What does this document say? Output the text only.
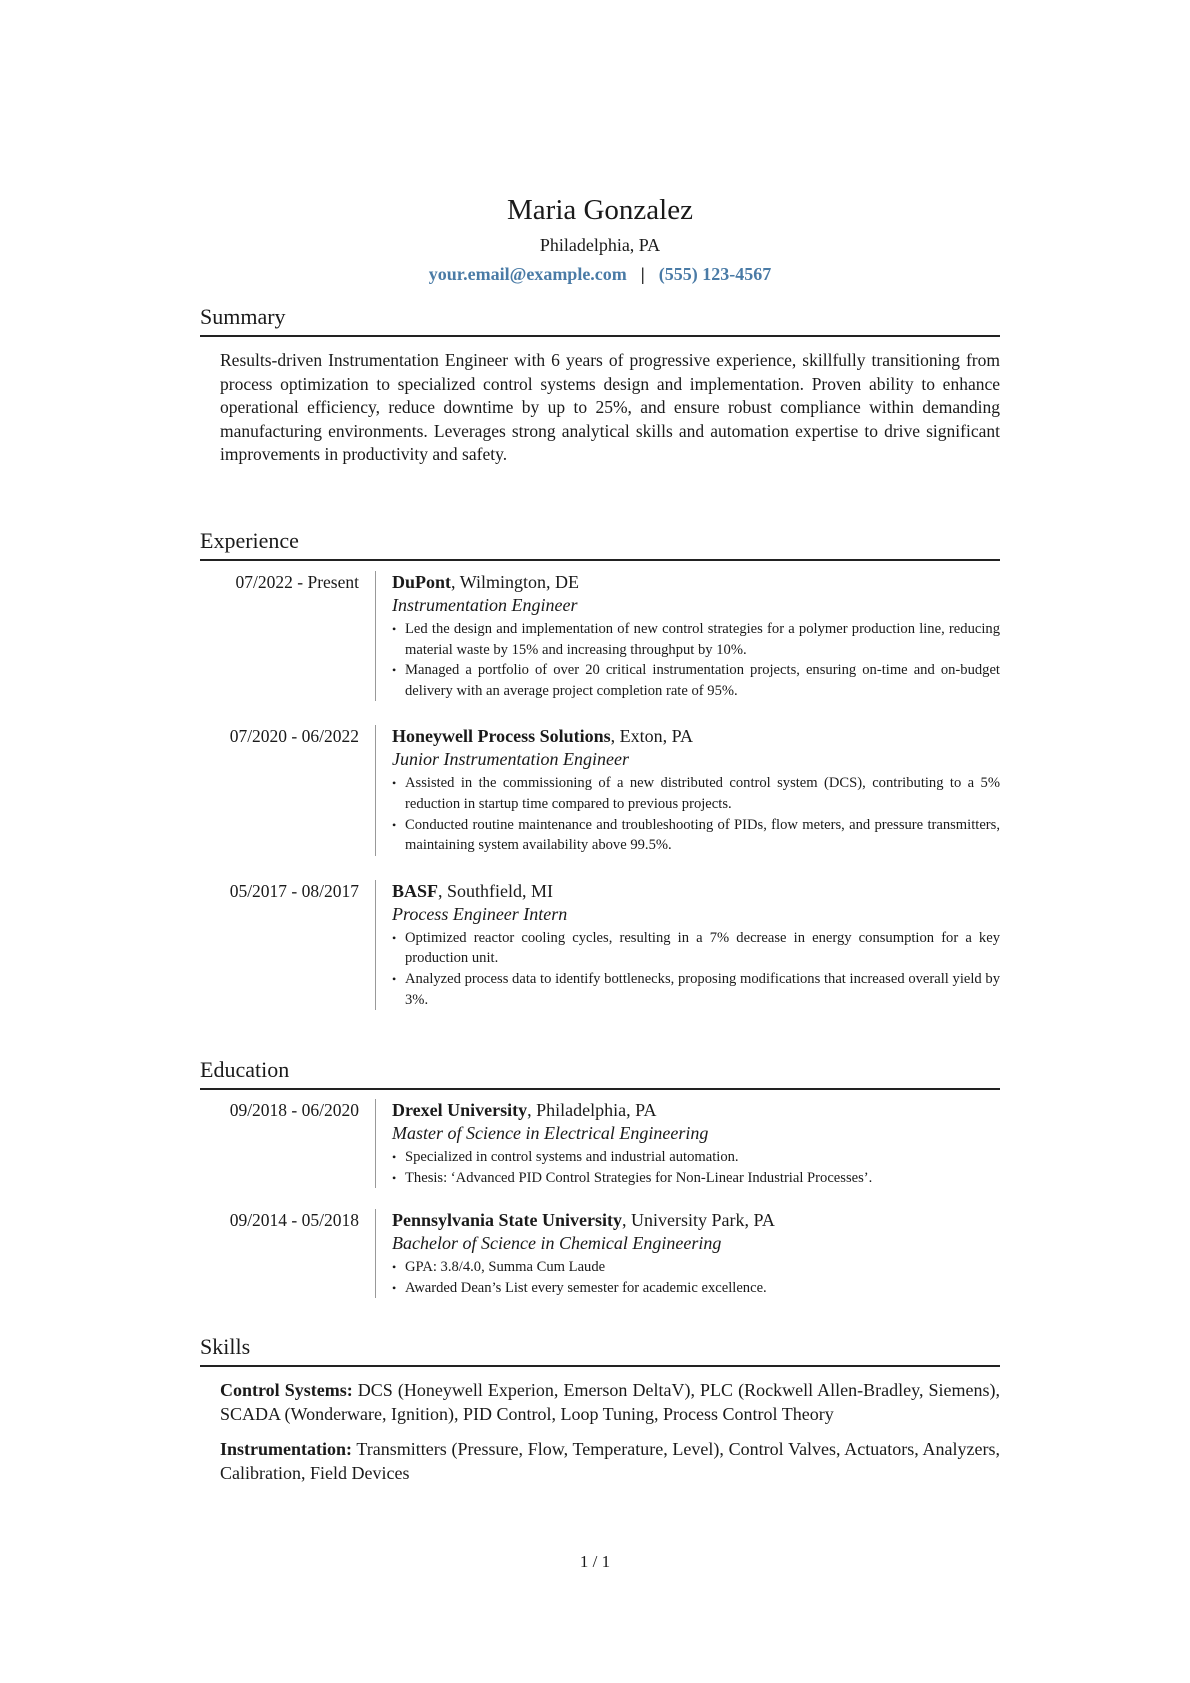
Maria Gonzalez
Philadelphia, PA
your.email@example.com | (555) 123-4567
Summary

Results-driven Instrumentation Engineer with 6 years of progressive experience, skillfully transitioning from process optimization to specialized control systems design and implementation. Proven ability to enhance operational efficiency, reduce downtime by up to 25%, and ensure robust compliance within demanding manufacturing environments. Leverages strong analytical skills and automation expertise to drive significant improvements in productivity and safety.

Experience
07/2022 - Present	DuPont, Wilmington, DE
Instrumentation Engineer
• Led the design and implementation of new control strategies for a polymer production line, reducing material waste by 15% and increasing throughput by 10%.
• Managed a portfolio of over 20 critical instrumentation projects, ensuring on-time and on-budget delivery with an average project completion rate of 95%.
07/2020 - 06/2022	Honeywell Process Solutions, Exton, PA
Junior Instrumentation Engineer
• Assisted in the commissioning of a new distributed control system (DCS), contributing to a 5% reduction in startup time compared to previous projects.
• Conducted routine maintenance and troubleshooting of PIDs, flow meters, and pressure transmitters, maintaining system availability above 99.5%.
05/2017 - 08/2017	BASF, Southfield, MI
Process Engineer Intern
• Optimized reactor cooling cycles, resulting in a 7% decrease in energy consumption for a key production unit.
• Analyzed process data to identify bottlenecks, proposing modifications that increased overall yield by 3%.
Education
09/2018 - 06/2020	Drexel University, Philadelphia, PA
Master of Science in Electrical Engineering
• Specialized in control systems and industrial automation.
• Thesis: ‘Advanced PID Control Strategies for Non-Linear Industrial Processes’.
09/2014 - 05/2018	Pennsylvania State University, University Park, PA
Bachelor of Science in Chemical Engineering
• GPA: 3.8/4.0, Summa Cum Laude
• Awarded Dean’s List every semester for academic excellence.
Skills

Control Systems: DCS (Honeywell Experion, Emerson DeltaV), PLC (Rockwell Allen-Bradley, Siemens), SCADA (Wonderware, Ignition), PID Control, Loop Tuning, Process Control Theory

Instrumentation: Transmitters (Pressure, Flow, Temperature, Level), Control Valves, Actuators, Analyzers, Calibration, Field Devices

1 / 1
